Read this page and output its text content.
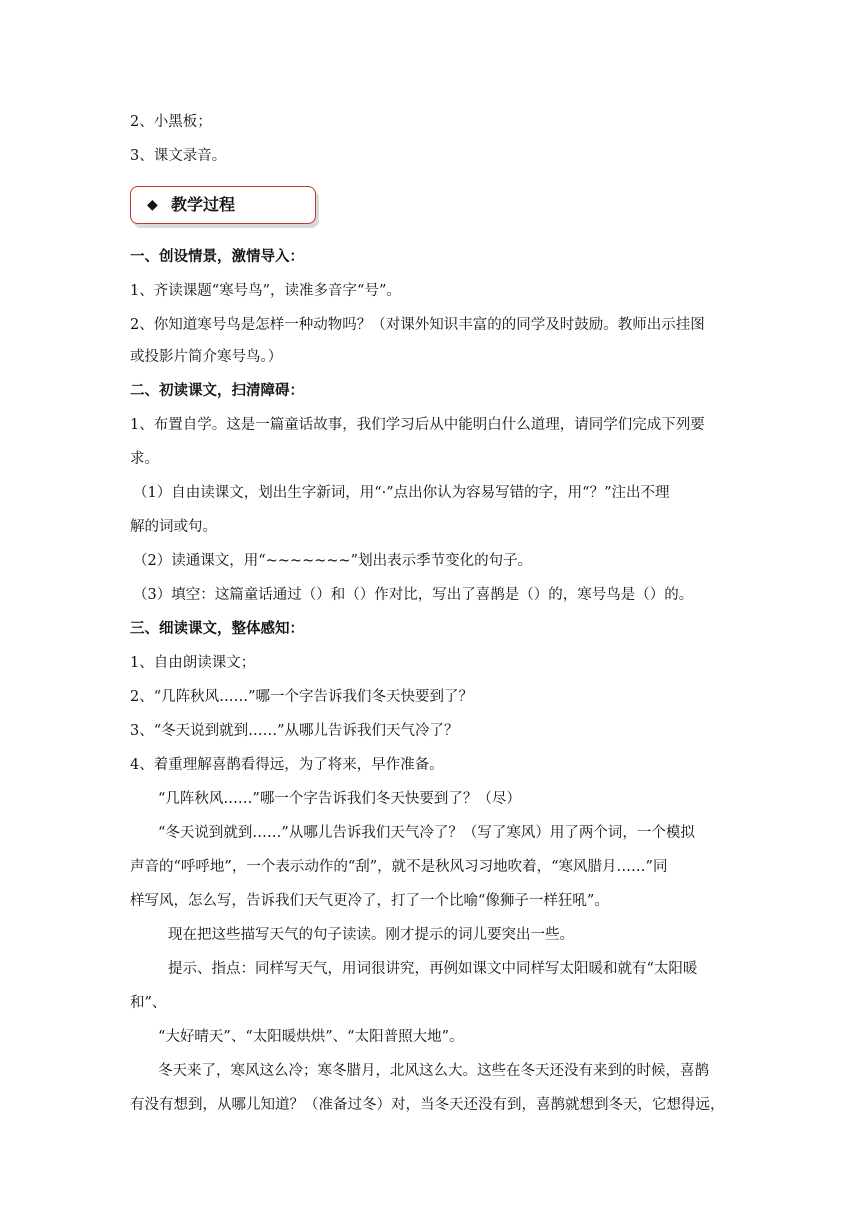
2、小黑板；
3、课文录音。
◆ 教学过程
一、创设情景，激情导入：
1、齐读课题“寒号鸟”，读准多音字“号”。
2、你知道寒号鸟是怎样一种动物吗？（对课外知识丰富的的同学及时鼓励。教师出示挂图
或投影片简介寒号鸟。）
二、初读课文，扫清障碍：
1、布置自学。这是一篇童话故事，我们学习后从中能明白什么道理，请同学们完成下列要
求。
（1）自由读课文，划出生字新词，用“·”点出你认为容易写错的字，用“？”注出不理
解的词或句。
（2）读通课文，用“~~~~~~~”划出表示季节变化的句子。
（3）填空：这篇童话通过（）和（）作对比，写出了喜鹊是（）的，寒号鸟是（）的。
三、细读课文，整体感知：
1、自由朗读课文；
2、“几阵秋风……”哪一个字告诉我们冬天快要到了？
3、“冬天说到就到……”从哪儿告诉我们天气冷了？
4、着重理解喜鹊看得远，为了将来，早作准备。
“几阵秋风……”哪一个字告诉我们冬天快要到了？（尽）
“冬天说到就到……”从哪儿告诉我们天气冷了？（写了寒风）用了两个词，一个模拟
声音的“呼呼地”，一个表示动作的“刮”，就不是秋风习习地吹着，“寒风腊月……”同
样写风，怎么写，告诉我们天气更冷了，打了一个比喻“像狮子一样狂吼”。
现在把这些描写天气的句子读读。刚才提示的词儿要突出一些。
提示、指点：同样写天气，用词很讲究，再例如课文中同样写太阳暖和就有“太阳暖
和”、
“大好晴天”、“太阳暖烘烘”、“太阳普照大地”。
冬天来了，寒风这么冷；寒冬腊月，北风这么大。这些在冬天还没有来到的时候，喜鹊
有没有想到，从哪儿知道？（准备过冬）对，当冬天还没有到，喜鹊就想到冬天，它想得远，
